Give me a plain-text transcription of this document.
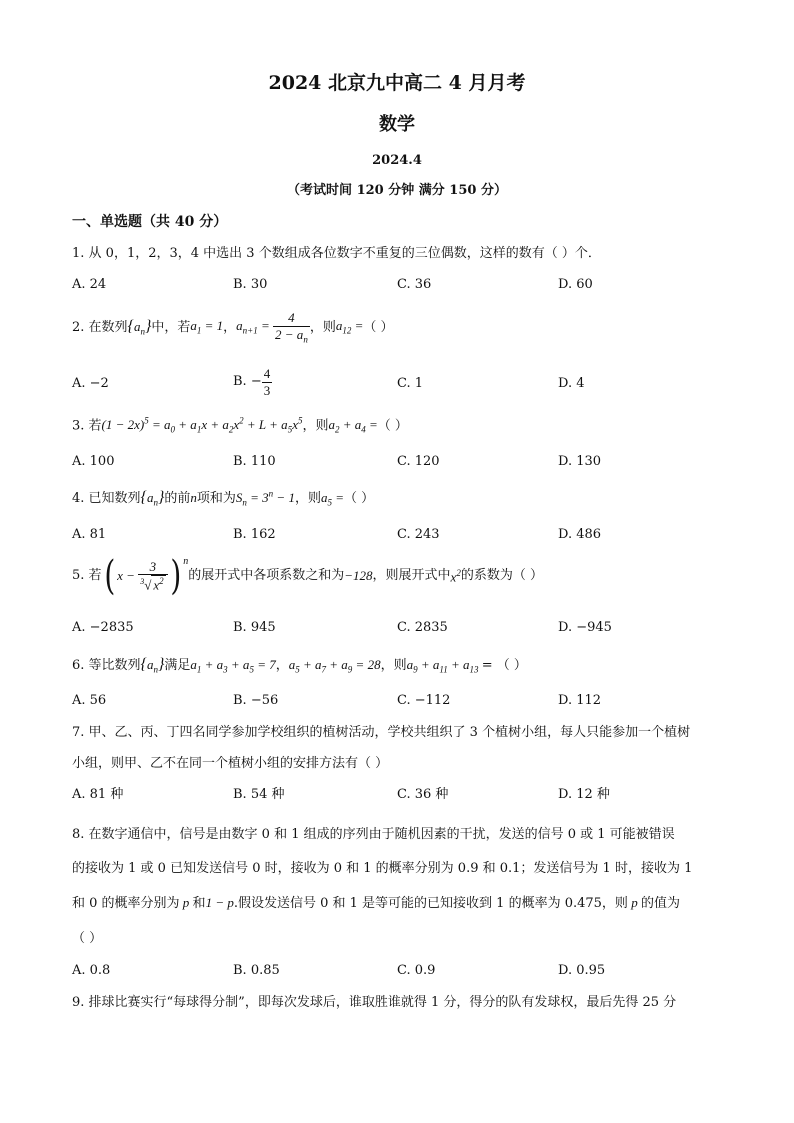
2024 北京九中高二 4 月月考
数学
2024.4
（考试时间 120 分钟 满分 150 分）
一、单选题（共 40 分）
1. 从 0，1，2，3，4 中选出 3 个数组成各位数字不重复的三位偶数，这样的数有（ ）个．
A. 24	B. 30	C. 36	D. 60
2. 在数列 $\{a_n\}$ 中，若 $a_1 = 1$ ， $a_{n+1} = \frac{4}{2 - a_n}$ ，则 $a_{12}$ = （ ）
A. −2	B. − $\frac{4}{3}$	C. 1	D. 4
3. 若$(1 - 2x)^5 = a_0 + a_1x + a_2x^2 + L + a_5x^5$，则$a_2 + a_4$ =（ ）
A. 100	B. 110	C. 120	D. 130
4. 已知数列$\{a_n\}$的前n项和为$S_n = 3^n - 1$，则$a_5$ =（ ）
A. 81	B. 162	C. 243	D. 486
5. 若 ( $x - \frac{3}{^3√ x^2}$ ) n
的展开式中各项系数之和为 −128 ，则展开式中 $x^2$ 的系数为（ ）
A. −2835	B. 945	C. 2835	D. −945
6. 等比数列$\{a_n\}$满足$a_1 + a_3 + a_5 = 7$，$a_5 + a_7 + a_9 = 28$，则$a_9 + a_{11} + a_{13}$ = （ ）
A. 56	B. −56	C. −112	D. 112
7. 甲、乙、丙、丁四名同学参加学校组织的植树活动，学校共组织了 3 个植树小组，每人只能参加一个植树
小组，则甲、乙不在同一个植树小组的安排方法有（ ）
A. 81 种	B. 54 种	C. 36 种	D. 12 种
8. 在数字通信中，信号是由数字 0 和 1 组成的序列由于随机因素的干扰，发送的信号 0 或 1 可能被错误
的接收为 1 或 0 已知发送信号 0 时，接收为 0 和 1 的概率分别为 0.9 和 0.1；发送信号为 1 时，接收为 1
和 0 的概率分别为 p 和1 − p.假设发送信号 0 和 1 是等可能的已知接收到 1 的概率为 0.475，则 p 的值为
（ ）
A. 0.8	B. 0.85	C. 0.9	D. 0.95
9. 排球比赛实行“每球得分制”，即每次发球后，谁取胜谁就得 1 分，得分的队有发球权，最后先得 25 分
